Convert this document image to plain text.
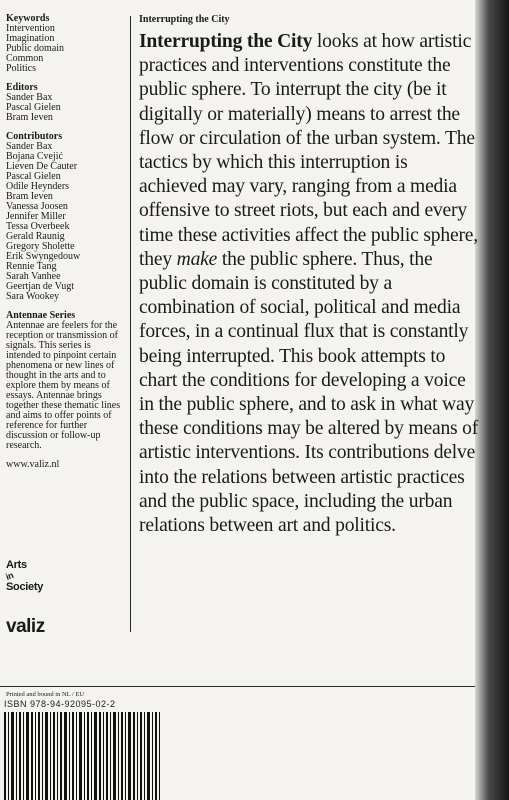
Keywords
Intervention
Imagination
Public domain
Common
Politics
Editors
Sander Bax
Pascal Gielen
Bram Ieven
Contributors
Sander Bax
Bojana Cvejić
Lieven De Cauter
Pascal Gielen
Odile Heynders
Bram Ieven
Vanessa Joosen
Jennifer Miller
Tessa Overbeek
Gerald Raunig
Gregory Sholette
Erik Swyngedouw
Rennie Tang
Sarah Vanhee
Geertjan de Vugt
Sara Wookey
Antennae Series
Antennae are feelers for the reception or transmission of signals. This series is intended to pinpoint certain phenomena or new lines of thought in the arts and to explore them by means of essays. Antennae brings together these thematic lines and aims to offer points of reference for further discussion or follow-up research.
www.valiz.nl
Arts
in
Society
valiz
Interrupting the City
Interrupting the City looks at how artistic practices and interventions constitute the public sphere. To interrupt the city (be it digitally or materially) means to arrest the flow or circulation of the urban system. The tactics by which this interruption is achieved may vary, ranging from a media offensive to street riots, but each and every time these activities affect the public sphere, they make the public sphere. Thus, the public domain is constituted by a combination of social, political and media forces, in a continual flux that is constantly being interrupted. This book attempts to chart the conditions for developing a voice in the public sphere, and to ask in what way these conditions may be altered by means of artistic interventions. Its contributions delve into the relations between artistic practices and the public space, including the urban relations between art and politics.
Printed and bound in NL / EU
ISBN 978-94-92095-02-2
